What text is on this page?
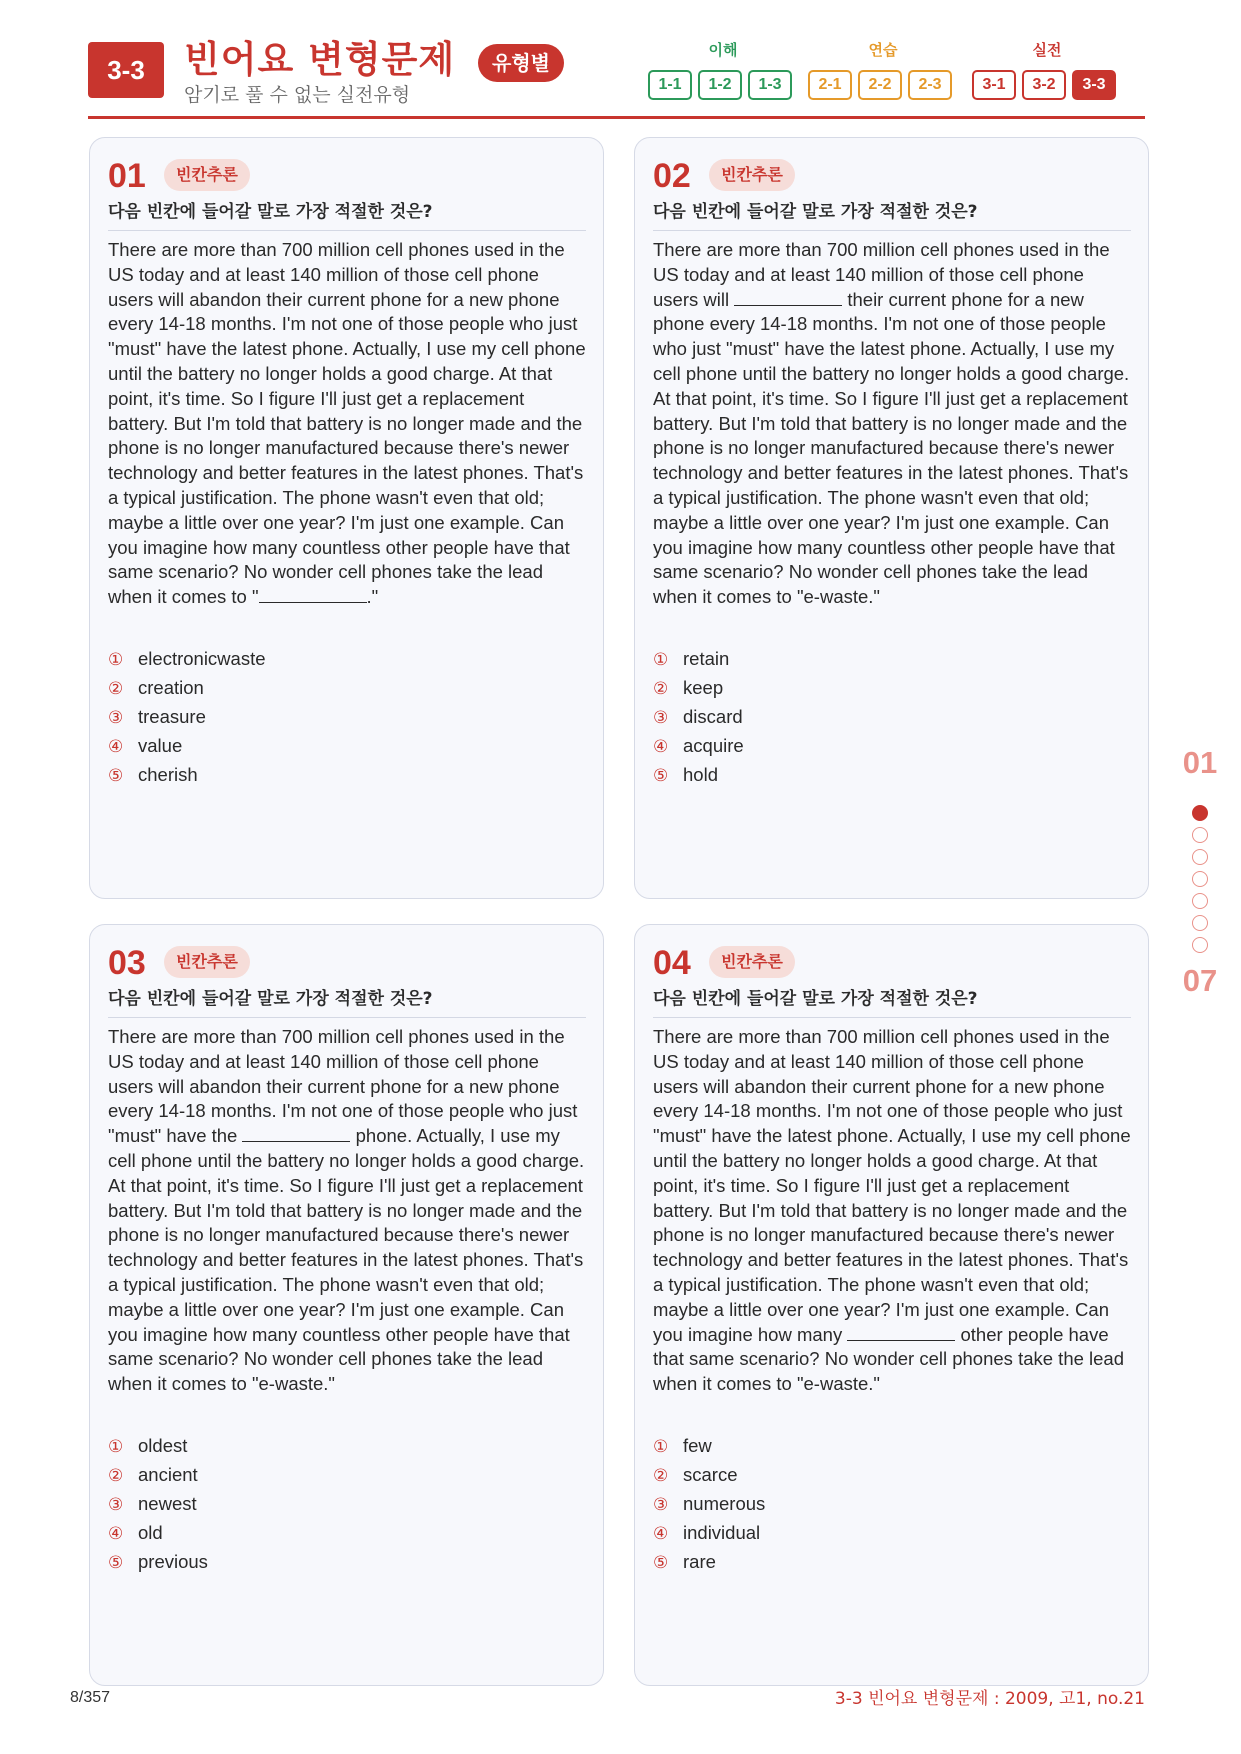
3-3	빈어요 변형문제	유형별
암기로 풀 수 없는 실전유형
이해
1-1 1-2 1-3
연습
2-1 2-2 2-3
실전
3-1 3-2 3-3
01	빈칸추론
다음 빈칸에 들어갈 말로 가장 적절한 것은?
There are more than 700 million cell phones used in the US today and at least 140 million of those cell phone users will abandon their current phone for a new phone every 14-18 months. I'm not one of those people who just "must" have the latest phone. Actually, I use my cell phone until the battery no longer holds a good charge. At that point, it's time. So I figure I'll just get a replacement battery. But I'm told that battery is no longer made and the phone is no longer manufactured because there's newer technology and better features in the latest phones. That's a typical justification. The phone wasn't even that old; maybe a little over one year? I'm just one example. Can you imagine how many countless other people have that same scenario? No wonder cell phones take the lead when it comes to "	."
① electronicwaste
② creation
③ treasure
④ value
⑤ cherish
02	빈칸추론
다음 빈칸에 들어갈 말로 가장 적절한 것은?
There are more than 700 million cell phones used in the US today and at least 140 million of those cell phone users will	their current phone for a new phone every 14-18 months. I'm not one of those people who just "must" have the latest phone. Actually, I use my cell phone until the battery no longer holds a good charge. At that point, it's time. So I figure I'll just get a replacement battery. But I'm told that battery is no longer made and the phone is no longer manufactured because there's newer technology and better features in the latest phones. That's a typical justification. The phone wasn't even that old; maybe a little over one year? I'm just one example. Can you imagine how many countless other people have that same scenario? No wonder cell phones take the lead when it comes to "e-waste."
① retain
② keep
③ discard
④ acquire
⑤ hold
03	빈칸추론
다음 빈칸에 들어갈 말로 가장 적절한 것은?
There are more than 700 million cell phones used in the US today and at least 140 million of those cell phone users will abandon their current phone for a new phone every 14-18 months. I'm not one of those people who just "must" have the	phone. Actually, I use my cell phone until the battery no longer holds a good charge. At that point, it's time. So I figure I'll just get a replacement battery. But I'm told that battery is no longer made and the phone is no longer manufactured because there's newer technology and better features in the latest phones. That's a typical justification. The phone wasn't even that old; maybe a little over one year? I'm just one example. Can you imagine how many countless other people have that same scenario? No wonder cell phones take the lead when it comes to "e-waste."
① oldest
② ancient
③ newest
④ old
⑤ previous
04	빈칸추론
다음 빈칸에 들어갈 말로 가장 적절한 것은?
There are more than 700 million cell phones used in the US today and at least 140 million of those cell phone users will abandon their current phone for a new phone every 14-18 months. I'm not one of those people who just "must" have the latest phone. Actually, I use my cell phone until the battery no longer holds a good charge. At that point, it's time. So I figure I'll just get a replacement battery. But I'm told that battery is no longer made and the phone is no longer manufactured because there's newer technology and better features in the latest phones. That's a typical justification. The phone wasn't even that old; maybe a little over one year? I'm just one example. Can you imagine how many	other people have that same scenario? No wonder cell phones take the lead when it comes to "e-waste."
① few
② scarce
③ numerous
④ individual
⑤ rare
01
07
8/357	3-3 빈어요 변형문제 : 2009, 고1, no.21
